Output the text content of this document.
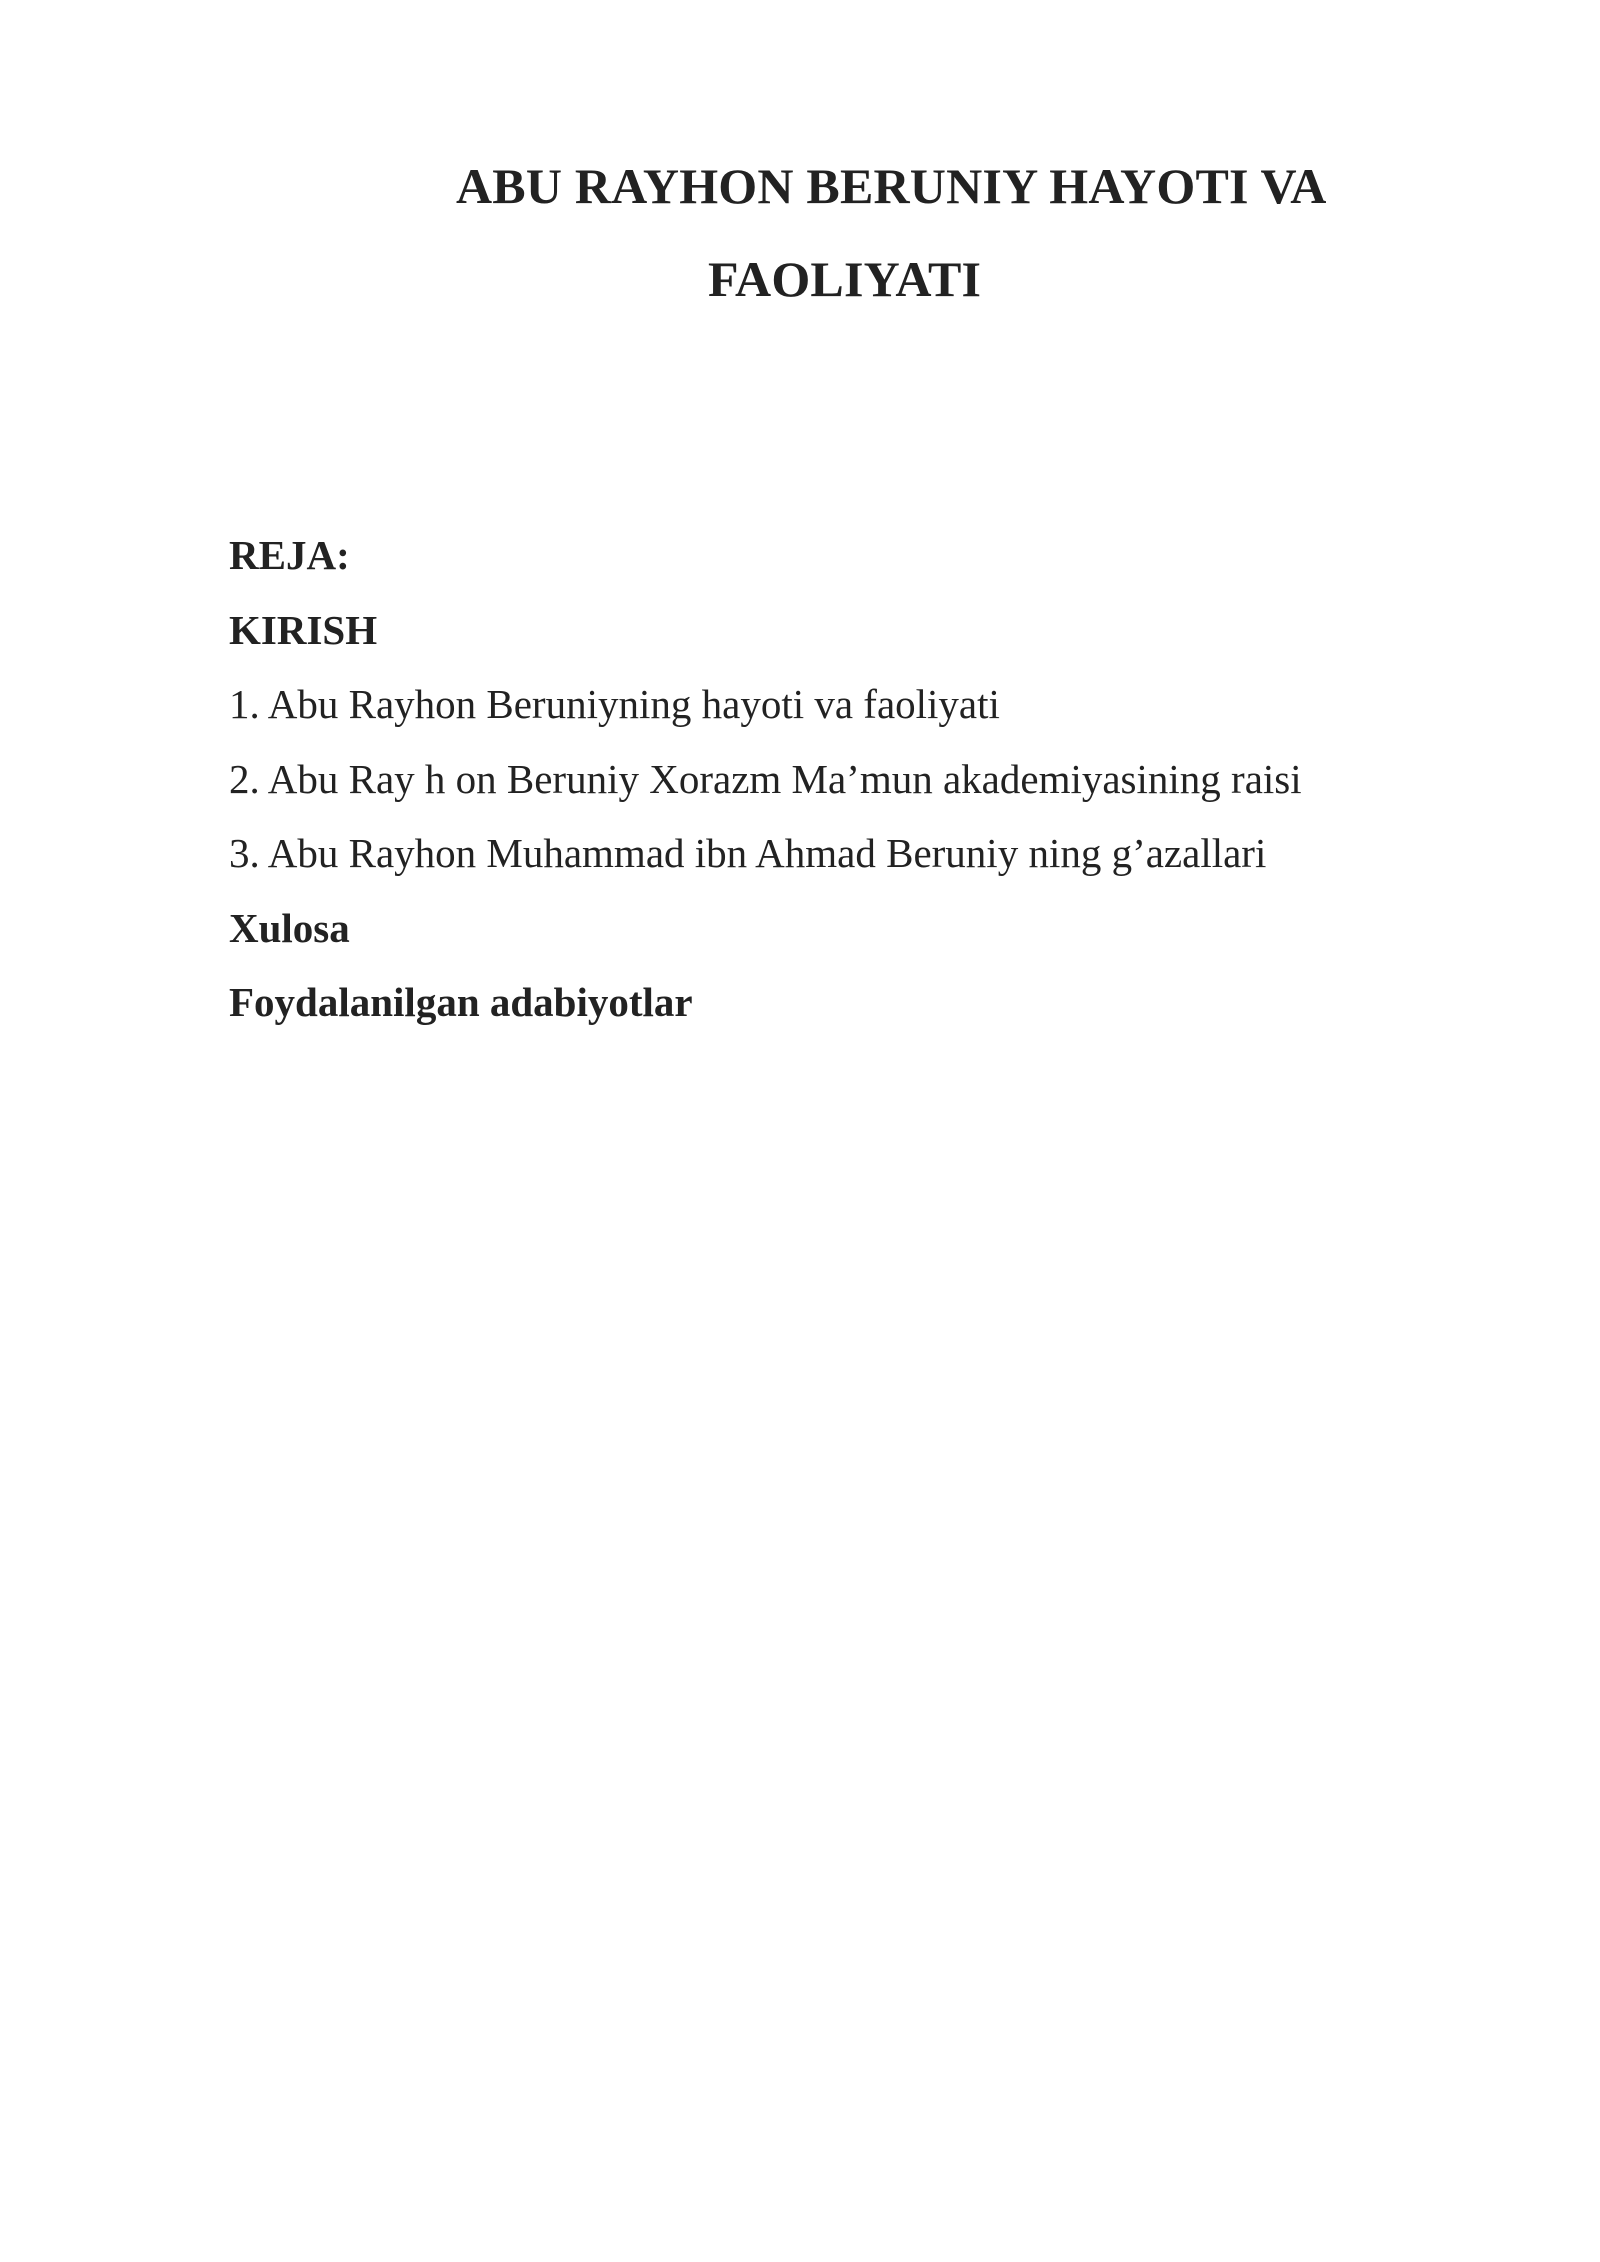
ABU RAYHON BERUNIY HAYOTI VA
FAOLIYATI
REJA:
KIRISH
1. Abu Rayhon Beruniyning hayoti va faoliyati
2. Abu Ray h on Beruniy Xorazm Ma’mun akademiyasining raisi
3. Abu Rayhon Muhammad ibn Ahmad Beruniy ning g’azallari
Xulosa
Foydalanilgan adabiyotlar
